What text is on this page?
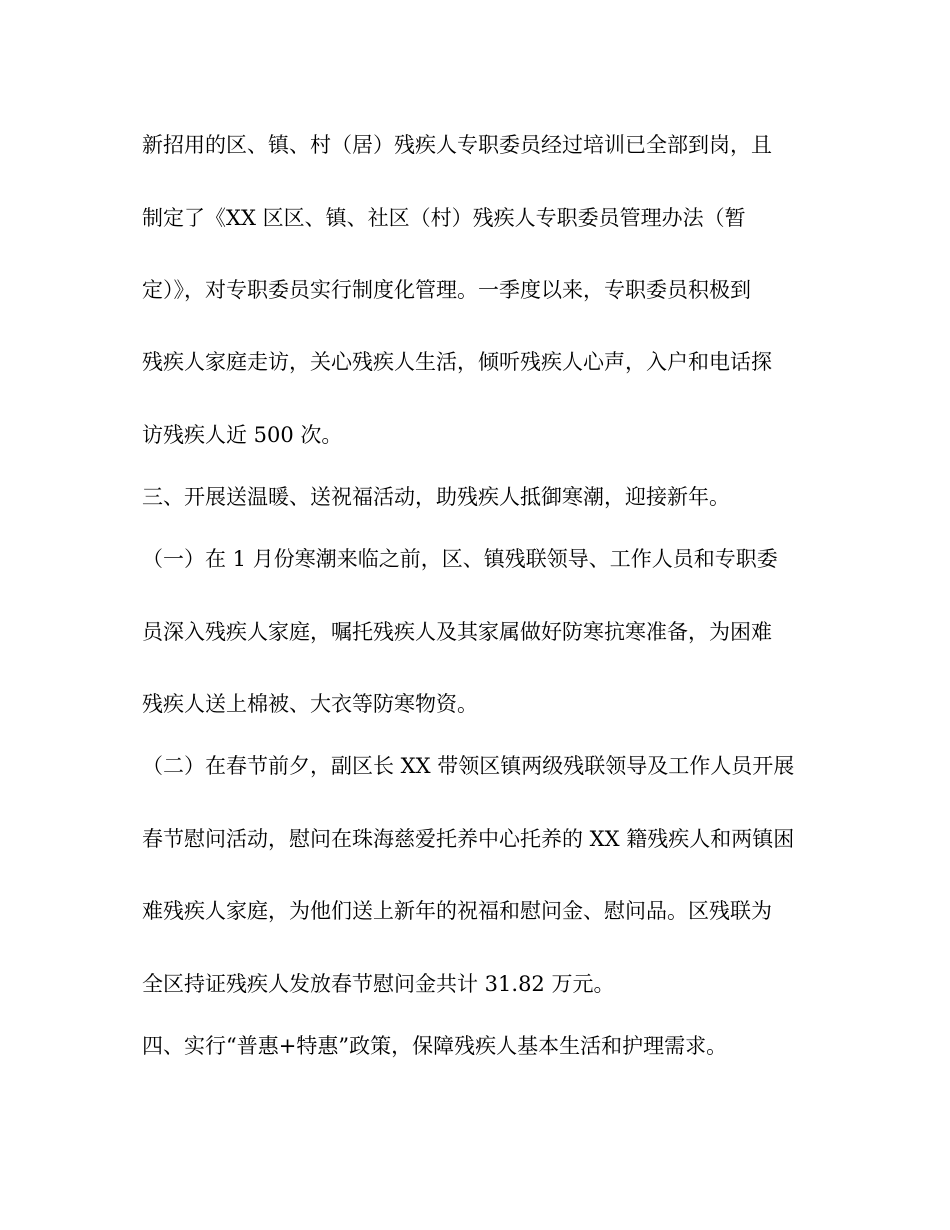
新招用的区、镇、村（居）残疾人专职委员经过培训已全部到岗，且
制定了《XX 区区、镇、社区（村）残疾人专职委员管理办法（暂
定）》，对专职委员实行制度化管理。一季度以来，专职委员积极到
残疾人家庭走访，关心残疾人生活，倾听残疾人心声，入户和电话探
访残疾人近 500 次。
三、开展送温暖、送祝福活动，助残疾人抵御寒潮，迎接新年。
（一）在 1 月份寒潮来临之前，区、镇残联领导、工作人员和专职委
员深入残疾人家庭，嘱托残疾人及其家属做好防寒抗寒准备，为困难
残疾人送上棉被、大衣等防寒物资。
（二）在春节前夕，副区长 XX 带领区镇两级残联领导及工作人员开展
春节慰问活动，慰问在珠海慈爱托养中心托养的 XX 籍残疾人和两镇困
难残疾人家庭，为他们送上新年的祝福和慰问金、慰问品。区残联为
全区持证残疾人发放春节慰问金共计 31.82 万元。
四、实行“普惠+特惠”政策，保障残疾人基本生活和护理需求。
